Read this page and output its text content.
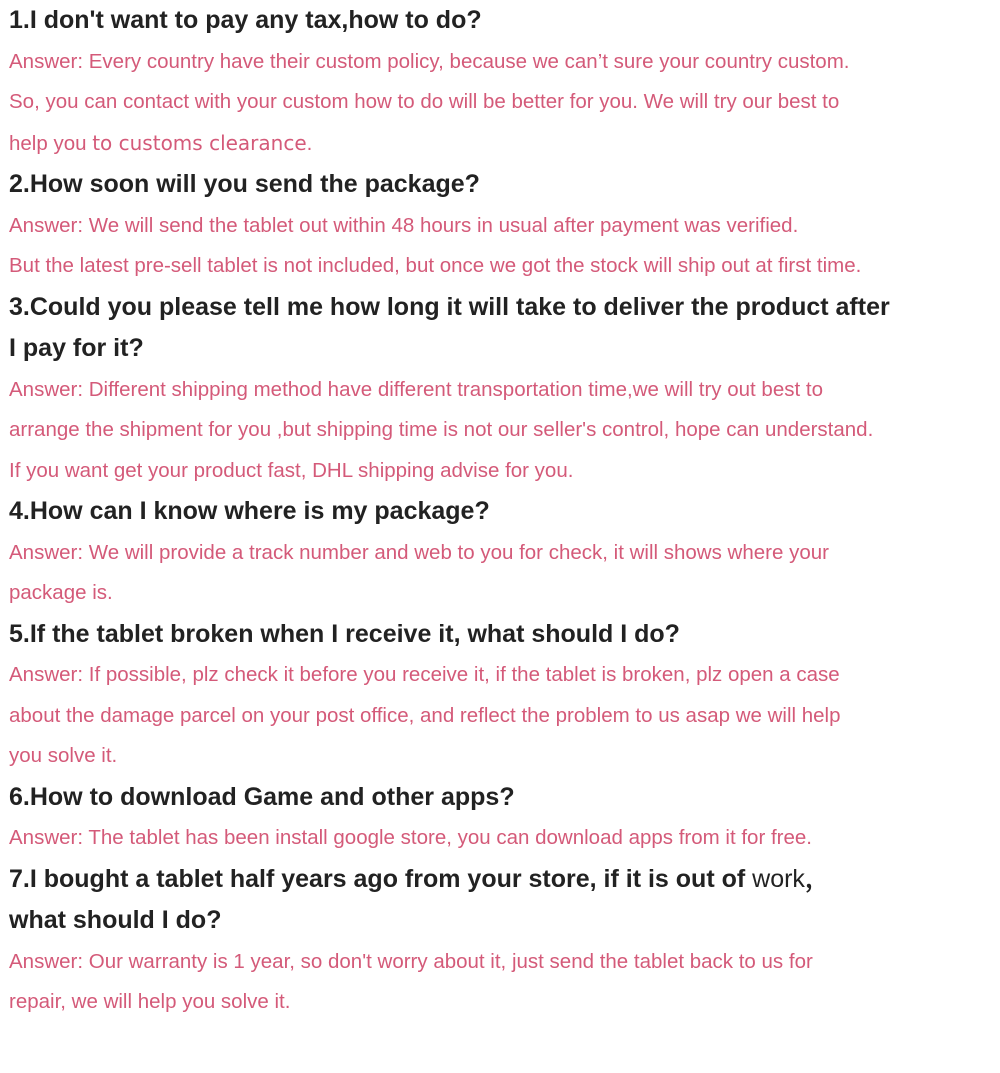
1.I don't want to pay any tax,how to do?

Answer: Every country have their custom policy, because we can’t sure your country custom.

So, you can contact with your custom how to do will be better for you. We will try our best to

help you to customs clearance.

2.How soon will you send the package?

Answer: We will send the tablet out within 48 hours in usual after payment was verified.

But the latest pre-sell tablet is not included, but once we got the stock will ship out at first time.

3.Could you please tell me how long it will take to deliver the product after

I pay for it?

Answer: Different shipping method have different transportation time,we will try out best to

arrange the shipment for you ,but shipping time is not our seller's control, hope can understand.

If you want get your product fast, DHL shipping advise for you.

4.How can I know where is my package?

Answer: We will provide a track number and web to you for check, it will shows where your

package is.

5.If the tablet broken when I receive it, what should I do?

Answer: If possible, plz check it before you receive it, if the tablet is broken, plz open a case

about the damage parcel on your post office, and reflect the problem to us asap we will help

you solve it.

6.How to download Game and other apps?

Answer: The tablet has been install google store, you can download apps from it for free.

7.I bought a tablet half years ago from your store, if it is out of work，

what should I do?

Answer: Our warranty is 1 year, so don't worry about it, just send the tablet back to us for

repair, we will help you solve it.
